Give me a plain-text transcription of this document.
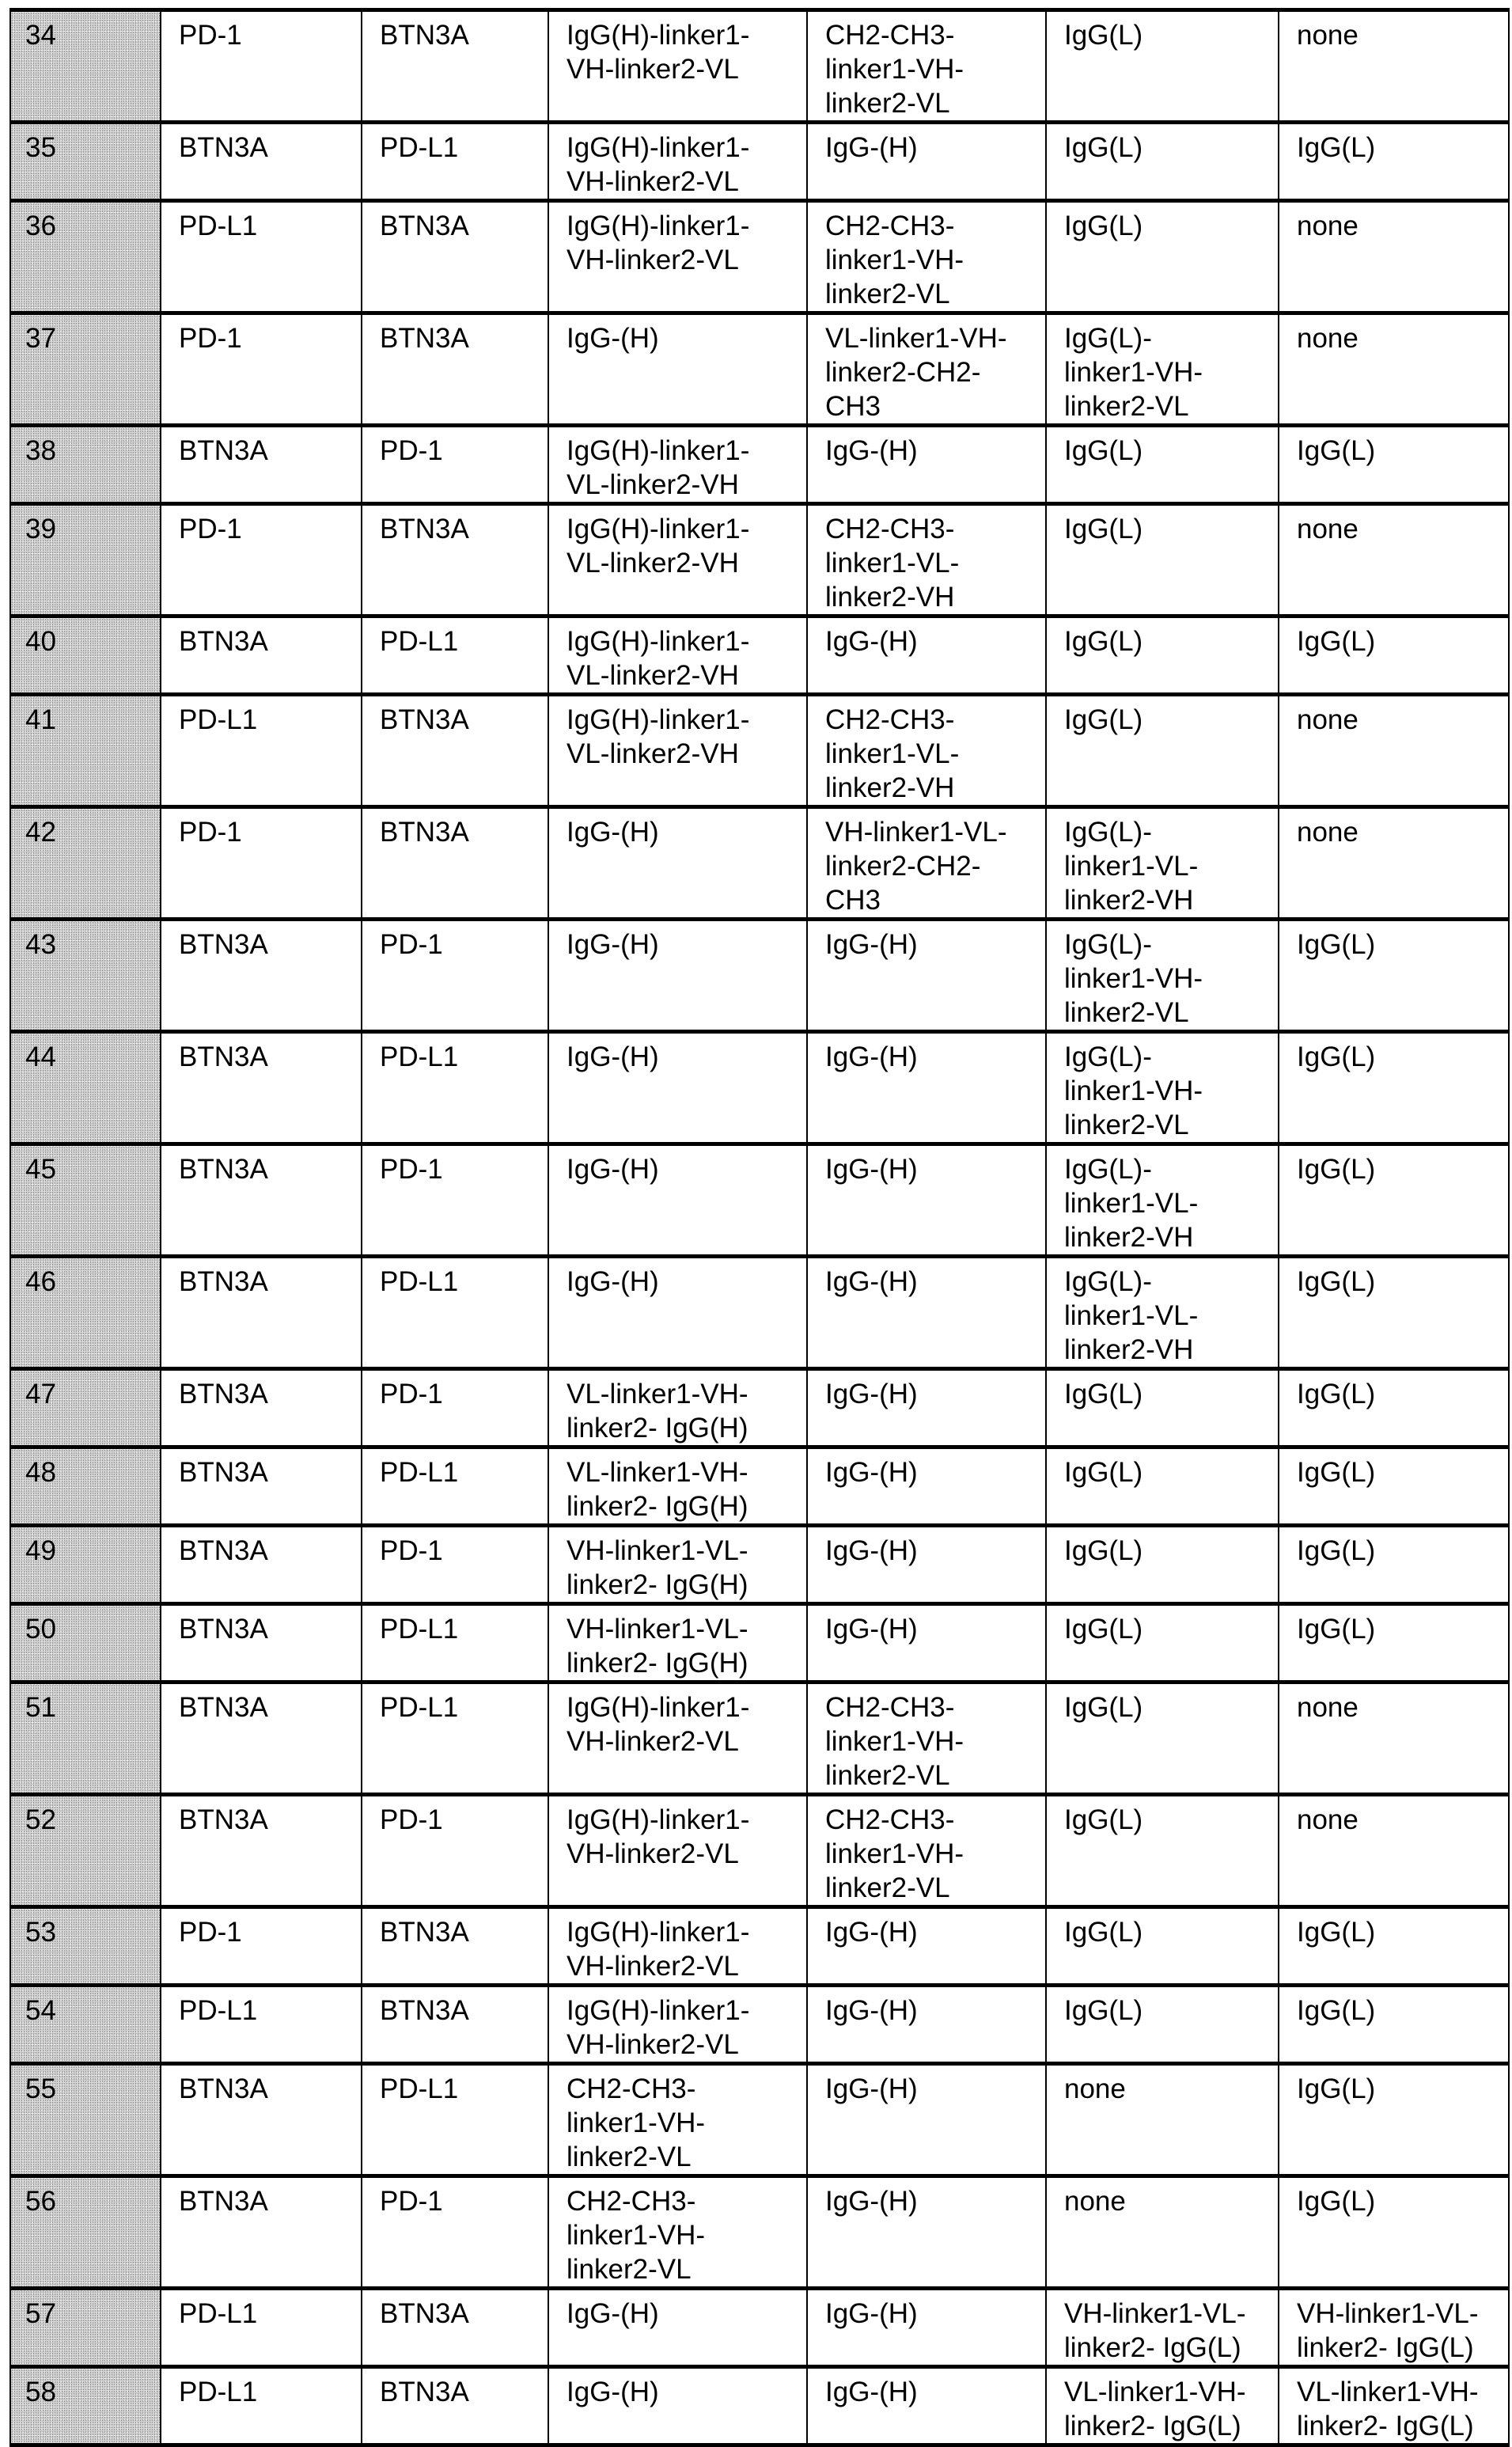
34	PD-1	BTN3A	IgG(H)-linker1-
VH-linker2-VL	CH2-CH3-
linker1-VH-
linker2-VL	IgG(L)	none
35	BTN3A	PD-L1	IgG(H)-linker1-
VH-linker2-VL	IgG-(H)	IgG(L)	IgG(L)
36	PD-L1	BTN3A	IgG(H)-linker1-
VH-linker2-VL	CH2-CH3-
linker1-VH-
linker2-VL	IgG(L)	none
37	PD-1	BTN3A	IgG-(H)	VL-linker1-VH-
linker2-CH2-
CH3	IgG(L)-
linker1-VH-
linker2-VL	none
38	BTN3A	PD-1	IgG(H)-linker1-
VL-linker2-VH	IgG-(H)	IgG(L)	IgG(L)
39	PD-1	BTN3A	IgG(H)-linker1-
VL-linker2-VH	CH2-CH3-
linker1-VL-
linker2-VH	IgG(L)	none
40	BTN3A	PD-L1	IgG(H)-linker1-
VL-linker2-VH	IgG-(H)	IgG(L)	IgG(L)
41	PD-L1	BTN3A	IgG(H)-linker1-
VL-linker2-VH	CH2-CH3-
linker1-VL-
linker2-VH	IgG(L)	none
42	PD-1	BTN3A	IgG-(H)	VH-linker1-VL-
linker2-CH2-
CH3	IgG(L)-
linker1-VL-
linker2-VH	none
43	BTN3A	PD-1	IgG-(H)	IgG-(H)	IgG(L)-
linker1-VH-
linker2-VL	IgG(L)
44	BTN3A	PD-L1	IgG-(H)	IgG-(H)	IgG(L)-
linker1-VH-
linker2-VL	IgG(L)
45	BTN3A	PD-1	IgG-(H)	IgG-(H)	IgG(L)-
linker1-VL-
linker2-VH	IgG(L)
46	BTN3A	PD-L1	IgG-(H)	IgG-(H)	IgG(L)-
linker1-VL-
linker2-VH	IgG(L)
47	BTN3A	PD-1	VL-linker1-VH-
linker2- IgG(H)	IgG-(H)	IgG(L)	IgG(L)
48	BTN3A	PD-L1	VL-linker1-VH-
linker2- IgG(H)	IgG-(H)	IgG(L)	IgG(L)
49	BTN3A	PD-1	VH-linker1-VL-
linker2- IgG(H)	IgG-(H)	IgG(L)	IgG(L)
50	BTN3A	PD-L1	VH-linker1-VL-
linker2- IgG(H)	IgG-(H)	IgG(L)	IgG(L)
51	BTN3A	PD-L1	IgG(H)-linker1-
VH-linker2-VL	CH2-CH3-
linker1-VH-
linker2-VL	IgG(L)	none
52	BTN3A	PD-1	IgG(H)-linker1-
VH-linker2-VL	CH2-CH3-
linker1-VH-
linker2-VL	IgG(L)	none
53	PD-1	BTN3A	IgG(H)-linker1-
VH-linker2-VL	IgG-(H)	IgG(L)	IgG(L)
54	PD-L1	BTN3A	IgG(H)-linker1-
VH-linker2-VL	IgG-(H)	IgG(L)	IgG(L)
55	BTN3A	PD-L1	CH2-CH3-
linker1-VH-
linker2-VL	IgG-(H)	none	IgG(L)
56	BTN3A	PD-1	CH2-CH3-
linker1-VH-
linker2-VL	IgG-(H)	none	IgG(L)
57	PD-L1	BTN3A	IgG-(H)	IgG-(H)	VH-linker1-VL-
linker2- IgG(L)	VH-linker1-VL-
linker2- IgG(L)
58	PD-L1	BTN3A	IgG-(H)	IgG-(H)	VL-linker1-VH-
linker2- IgG(L)	VL-linker1-VH-
linker2- IgG(L)
